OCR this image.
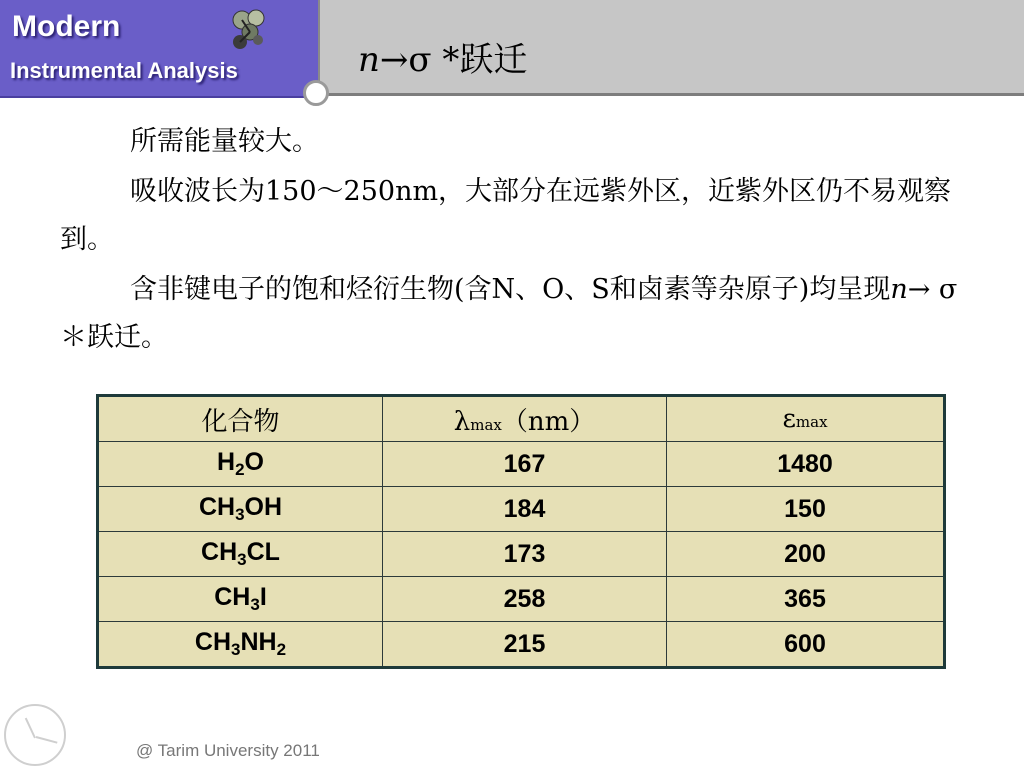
Modern
Instrumental Analysis	n→σ *跃迁
所需能量较大。
吸收波长为150～250nm，大部分在远紫外区，近紫外区仍不易观察到。
含非键电子的饱和烃衍生物(含N、O、S和卤素等杂原子)均呈现n→ σ＊跃迁。
化合物	λmax（nm）	εmax
$H_2O$	167	1480
$CH_3OH$	184	150
$CH_3CL$	173	200
$CH_3I$	258	365
$CH_3NH_2$	215	600
@ Tarim University 2011
